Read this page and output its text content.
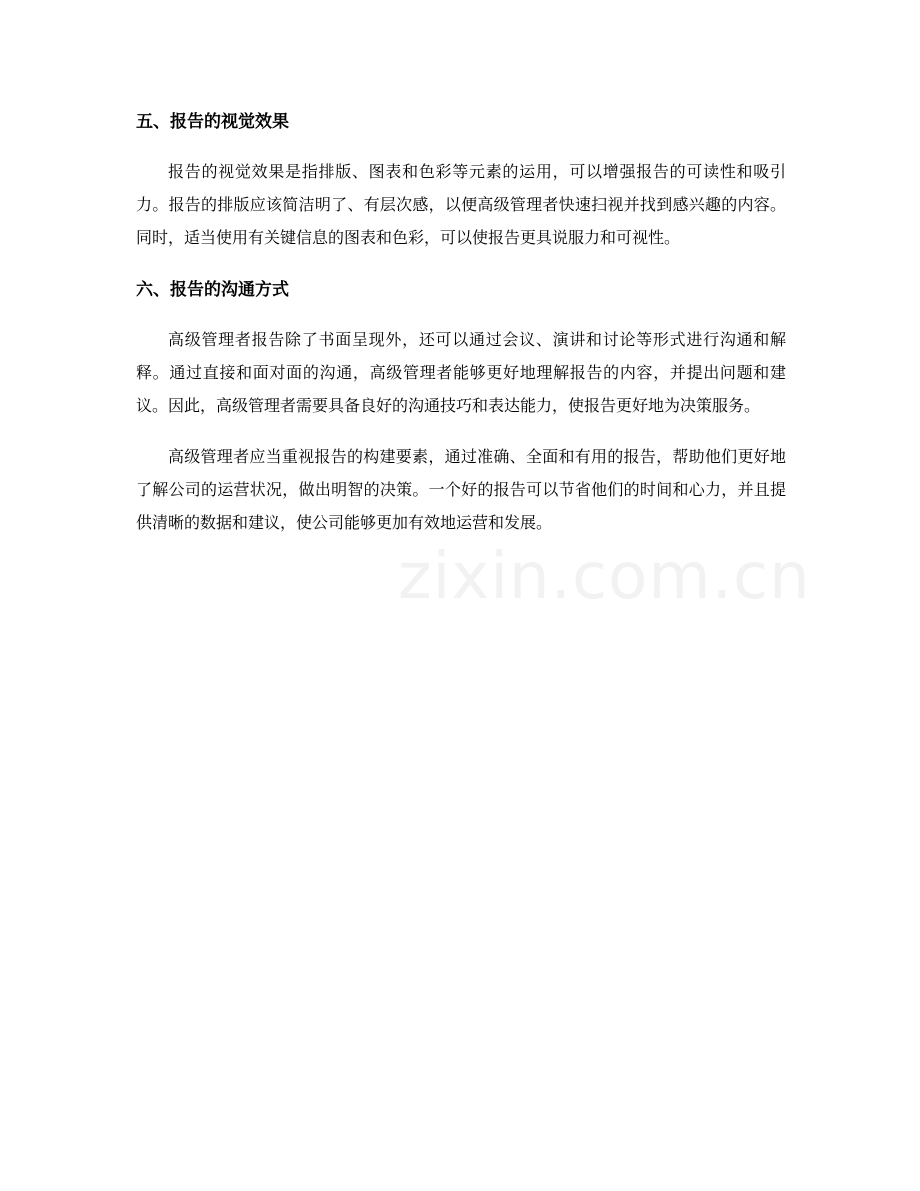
五、报告的视觉效果

报告的视觉效果是指排版、图表和色彩等元素的运用，可以增强报告的可读性和吸引力。报告的排版应该简洁明了、有层次感，以便高级管理者快速扫视并找到感兴趣的内容。同时，适当使用有关键信息的图表和色彩，可以使报告更具说服力和可视性。

六、报告的沟通方式

高级管理者报告除了书面呈现外，还可以通过会议、演讲和讨论等形式进行沟通和解释。通过直接和面对面的沟通，高级管理者能够更好地理解报告的内容，并提出问题和建议。因此，高级管理者需要具备良好的沟通技巧和表达能力，使报告更好地为决策服务。

高级管理者应当重视报告的构建要素，通过准确、全面和有用的报告，帮助他们更好地了解公司的运营状况，做出明智的决策。一个好的报告可以节省他们的时间和心力，并且提供清晰的数据和建议，使公司能够更加有效地运营和发展。

zixin.com.cn
